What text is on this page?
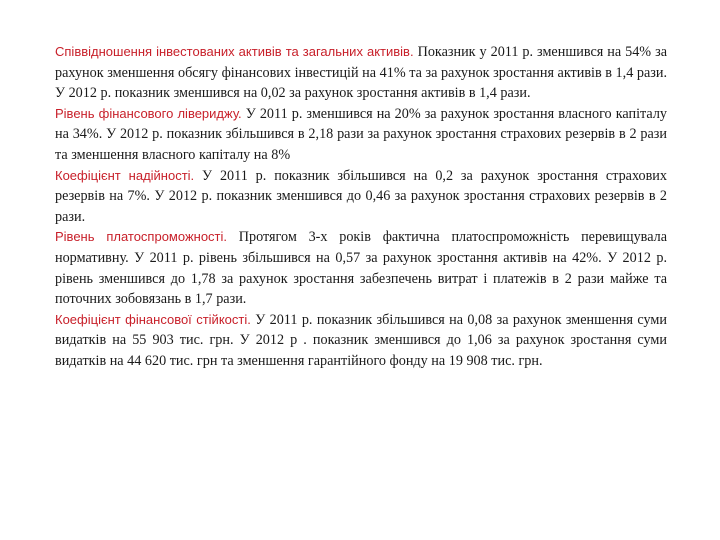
Співвідношення інвестованих активів та загальних активів. Показник у 2011 р. зменшився на 54% за рахунок зменшення обсягу фінансових інвестицій на 41% та за рахунок зростання активів в 1,4 рази. У 2012 р. показник зменшився на 0,02 за рахунок зростання активів в 1,4 рази.

Рівень фінансового лівериджу. У 2011 р. зменшився на 20% за рахунок зростання власного капіталу на 34%. У 2012 р. показник збільшився в 2,18 рази за рахунок зростання страхових резервів в 2 рази та зменшення власного капіталу на 8%

Коефіцієнт надійності. У 2011 р. показник збільшився на 0,2 за рахунок зростання страхових резервів на 7%. У 2012 р. показник зменшився до 0,46 за рахунок зростання страхових резервів в 2 рази.

Рівень платоспроможності. Протягом 3-х років фактична платоспроможність перевищувала нормативну. У 2011 р. рівень збільшився на 0,57 за рахунок зростання активів на 42%. У 2012 р. рівень зменшився до 1,78 за рахунок зростання забезпечень витрат і платежів в 2 рази майже та поточних зобовязань в 1,7 рази.

Коефіцієнт фінансової стійкості. У 2011 р. показник збільшився на 0,08 за рахунок зменшення суми видатків на 55 903 тис. грн. У 2012 р . показник зменшився до 1,06 за рахунок зростання суми видатків на 44 620 тис. грн та зменшення гарантійного фонду на 19 908 тис. грн.
